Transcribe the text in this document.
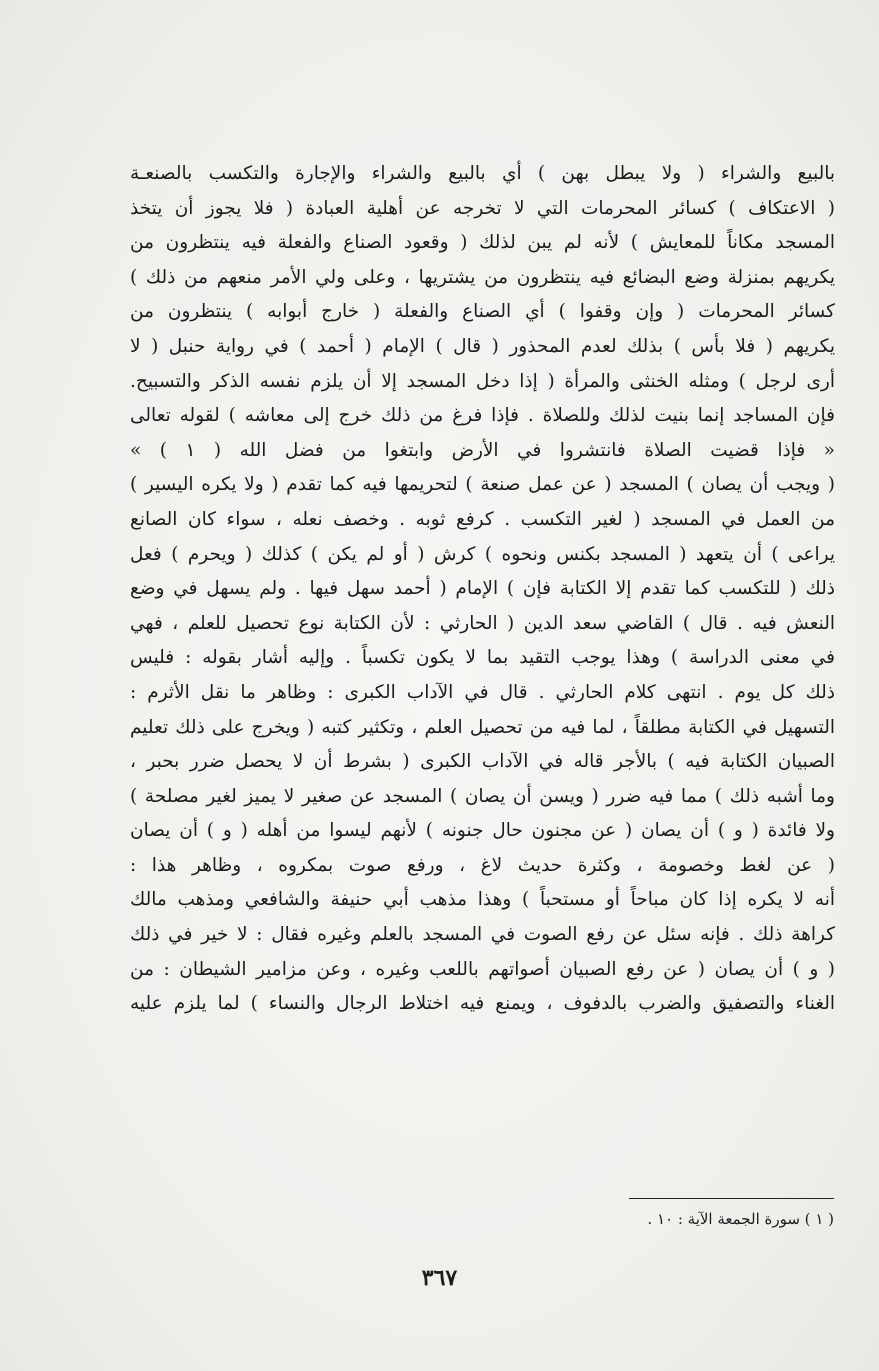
بالبيع والشراء ( ولا يبطل بهن ) أي بالبيع والشراء والإجارة والتكسب بالصنعـة
( الاعتكاف ) كسائر المحرمات التي لا تخرجه عن أهلية العبادة ( فلا يجوز أن يتخذ
المسجد مكاناً للمعايش ) لأنه لم يبن لذلك ( وقعود الصناع والفعلة فيه ينتظرون من
يكريهم بمنزلة وضع البضائع فيه ينتظرون من يشتريها ، وعلى ولي الأمر منعهم من ذلك )
كسائر المحرمات ( وإن وقفوا ) أي الصناع والفعلة ( خارج أبوابه ) ينتظرون من
يكريهم ( فلا بأس ) بذلك لعدم المحذور ( قال ) الإمام ( أحمد ) في رواية حنبل ( لا
أرى لرجل ) ومثله الخنثى والمرأة ( إذا دخل المسجد إلا أن يلزم نفسه الذكر والتسبيح.
فإن المساجد إنما بنيت لذلك وللصلاة . فإذا فرغ من ذلك خرج إلى معاشه ) لقوله تعالى
« فإذا قضيت الصلاة فانتشروا في الأرض وابتغوا من فضل الله ( ١ ) »
( ويجب أن يصان ) المسجد ( عن عمل صنعة ) لتحريمها فيه كما تقدم ( ولا يكره اليسير )
من العمل في المسجد ( لغير التكسب . كرفع ثوبه . وخصف نعله ، سواء كان الصانع
يراعى ) أن يتعهد ( المسجد بكنس ونحوه ) كرش ( أو لم يكن ) كذلك ( ويحرم ) فعل
ذلك ( للتكسب كما تقدم إلا الكتابة فإن ) الإمام ( أحمد سهل فيها . ولم يسهل في وضع
النعش فيه . قال ) القاضي سعد الدين ( الحارثي : لأن الكتابة نوع تحصيل للعلم ، فهي
في معنى الدراسة ) وهذا يوجب التقيد بما لا يكون تكسباً . وإليه أشار بقوله : فليس
ذلك كل يوم . انتهى كلام الحارثي . قال في الآداب الكبرى : وظاهر ما نقل الأثرم :
التسهيل في الكتابة مطلقاً ، لما فيه من تحصيل العلم ، وتكثير كتبه ( ويخرج على ذلك تعليم
الصبيان الكتابة فيه ) بالأجر قاله في الآداب الكبرى ( بشرط أن لا يحصل ضرر بحبر ،
وما أشبه ذلك ) مما فيه ضرر ( ويسن أن يصان ) المسجد عن صغير لا يميز لغير مصلحة )
ولا فائدة ( و ) أن يصان ( عن مجنون حال جنونه ) لأنهم ليسوا من أهله ( و ) أن يصان
( عن لغط وخصومة ، وكثرة حديث لاغ ، ورفع صوت بمكروه ، وظاهر هذا :
أنه لا يكره إذا كان مباحاً أو مستحباً ) وهذا مذهب أبي حنيفة والشافعي ومذهب مالك
كراهة ذلك . فإنه سئل عن رفع الصوت في المسجد بالعلم وغيره فقال : لا خير في ذلك
( و ) أن يصان ( عن رفع الصبيان أصواتهم باللعب وغيره ، وعن مزامير الشيطان : من
الغناء والتصفيق والضرب بالدفوف ، ويمنع فيه اختلاط الرجال والنساء ) لما يلزم عليه
( ١ ) سورة الجمعة الآية : ١٠ .
٣٦٧
